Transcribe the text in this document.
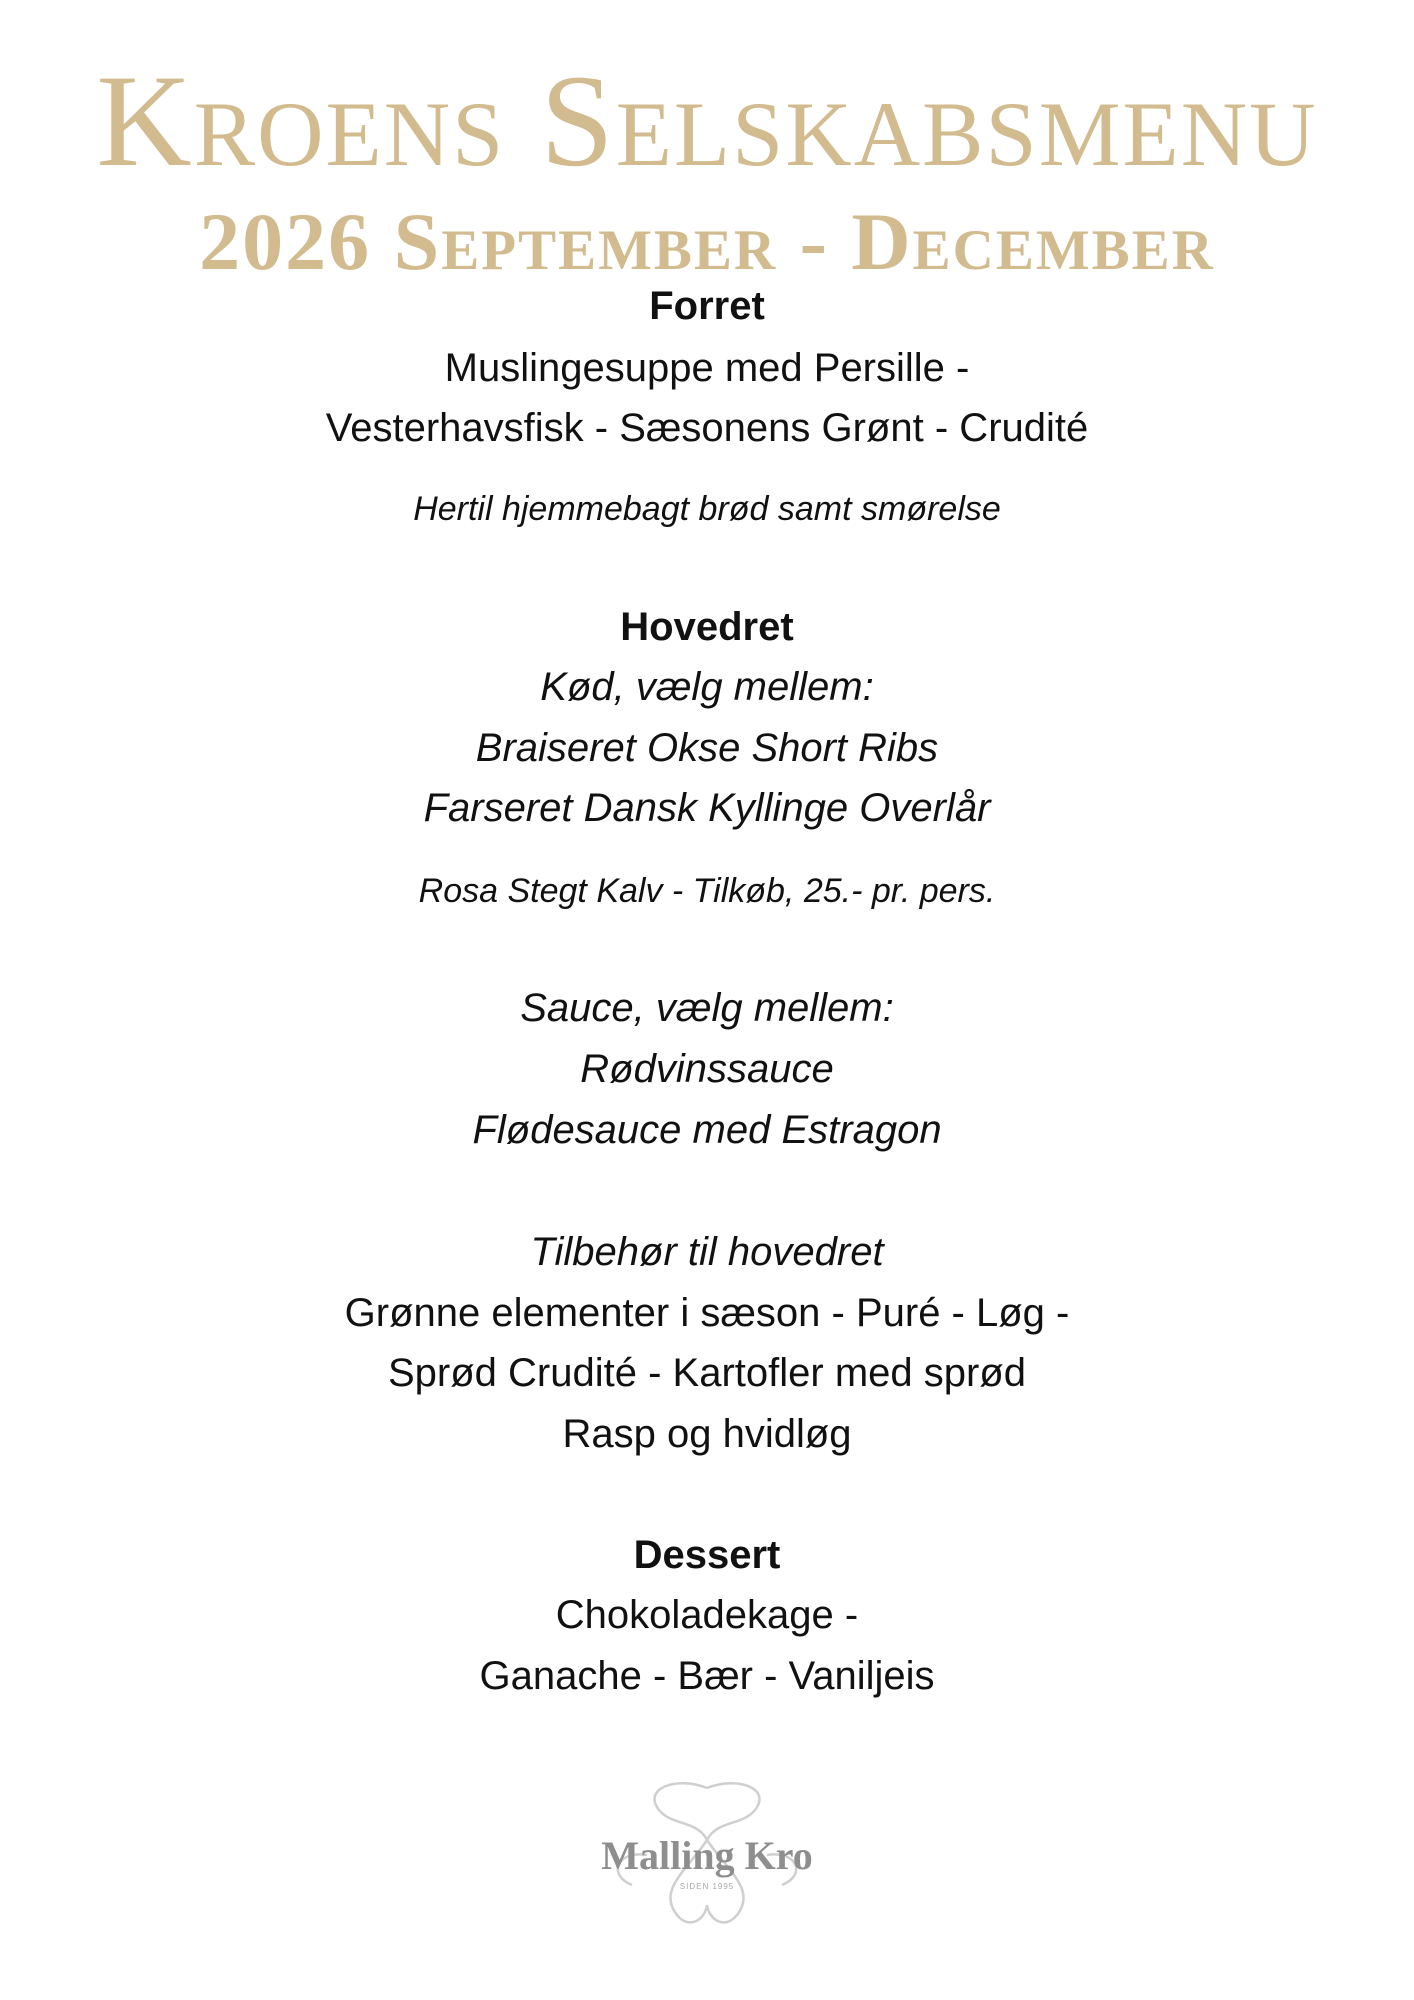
Kroens Selskabsmenu
2026 September - December

Forret

Muslingesuppe med Persille -

Vesterhavsfisk - Sæsonens Grønt - Crudité

Hertil hjemmebagt brød samt smørelse

Hovedret

Kød, vælg mellem:

Braiseret Okse Short Ribs

Farseret Dansk Kyllinge Overlår

Rosa Stegt Kalv - Tilkøb, 25.- pr. pers.

Sauce, vælg mellem:

Rødvinssauce

Flødesauce med Estragon

Tilbehør til hovedret

Grønne elementer i sæson - Puré - Løg -

Sprød Crudité - Kartofler med sprød

Rasp og hvidløg

Dessert

Chokoladekage -

Ganache - Bær - Vaniljeis

Malling Kro
SIDEN 1995
